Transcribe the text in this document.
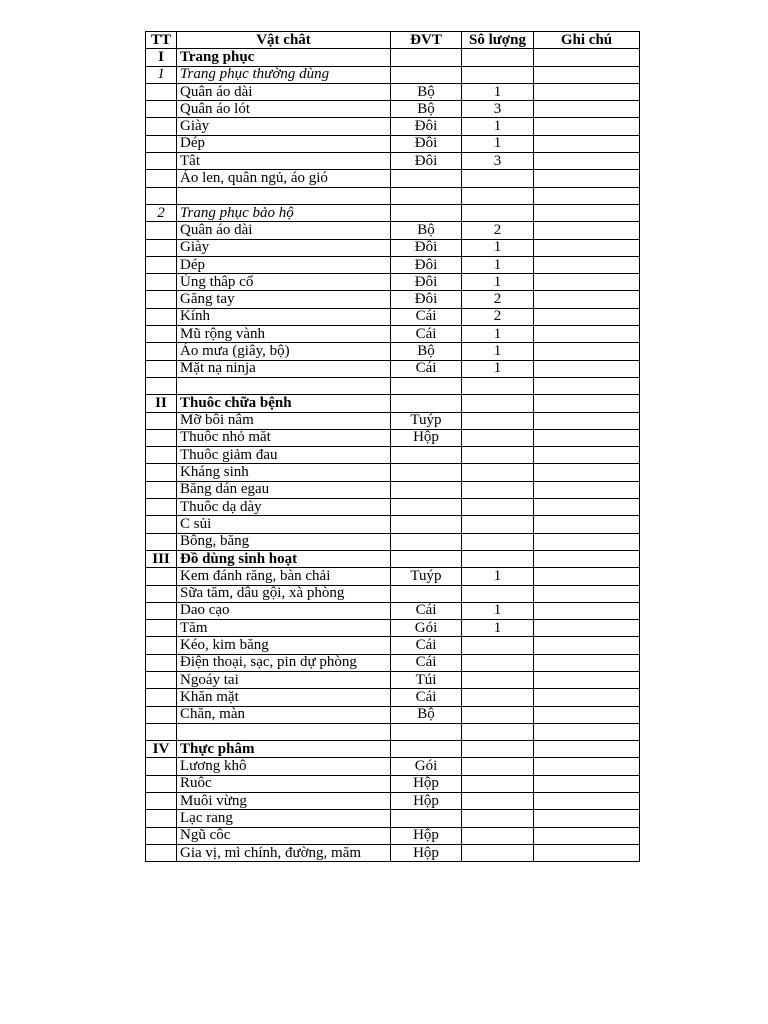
TT	Vật chât	ĐVT	Sô lượng	Ghi chú
I	Trang phục			
1	Trang phục thường dùng			
	Quân áo dài	Bộ	1	
	Quân áo lót	Bộ	3	
	Giày	Đôi	1	
	Dép	Đôi	1	
	Tât	Đôi	3	
	Áo len, quân ngủ, áo gió			

2	Trang phục bảo hộ			
	Quân áo dài	Bộ	2	
	Giày	Đôi	1	
	Dép	Đôi	1	
	Ủng thâp cổ	Đôi	1	
	Găng tay	Đôi	2	
	Kính	Cái	2	
	Mũ rộng vành	Cái	1	
	Áo mưa (giây, bộ)	Bộ	1	
	Mặt nạ ninja	Cái	1	

II	Thuôc chữa bệnh			
	Mỡ bôi nâm	Tuýp		
	Thuôc nhỏ măt	Hộp		
	Thuôc giảm đau			
	Kháng sinh			
	Băng dán egau			
	Thuôc dạ dày			
	C sủi			
	Bông, băng			
III	Đồ dùng sinh hoạt			
	Kem đánh răng, bàn chải	Tuýp	1	
	Sữa tăm, dâu gội, xà phòng			
	Dao cạo	Cái	1	
	Tăm	Gói	1	
	Kéo, kim băng	Cái		
	Điện thoại, sạc, pin dự phòng	Cái		
	Ngoáy tai	Túi		
	Khăn mặt	Cái		
	Chăn, màn	Bộ		

IV	Thực phâm			
	Lương khô	Gói		
	Ruôc	Hộp		
	Muôi vừng	Hộp		
	Lạc rang			
	Ngũ côc	Hộp		
	Gia vị, mì chính, đường, măm	Hộp		
